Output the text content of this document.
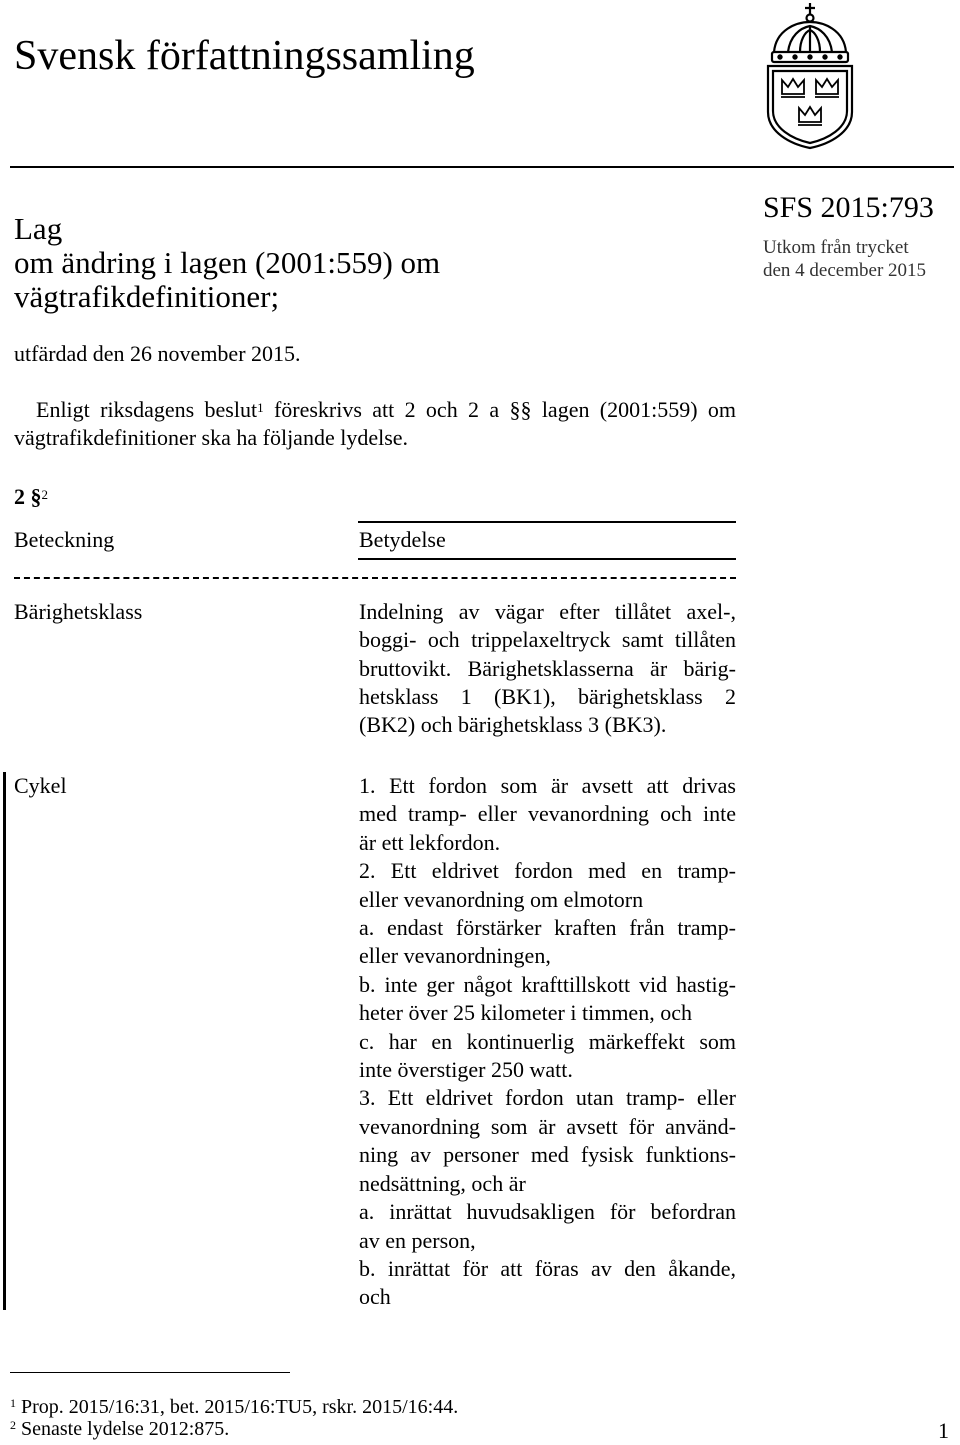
Svensk författningssamling
Lag
om ändring i lagen (2001:559) om
vägtrafikdefinitioner;
SFS 2015:793
Utkom från trycket
den 4 december 2015
utfärdad den 26 november 2015.

Enligt riksdagens beslut$^1$ föreskrivs att 2 och 2 a §§ lagen (2001:559) om vägtrafikdefinitioner ska ha följande lydelse.

2 §$^2$
Beteckning	Betydelse
Bärighetsklass	Indelning av vägar efter tillåtet axel-,
boggi- och trippelaxeltryck samt tillåten
bruttovikt. Bärighetsklasserna är bärig-
hetsklass 1 (BK1), bärighetsklass 2
(BK2) och bärighetsklass 3 (BK3).
Cykel	1. Ett fordon som är avsett att drivas
med tramp- eller vevanordning och inte
är ett lekfordon.
2. Ett eldrivet fordon med en tramp-
eller vevanordning om elmotorn
a. endast förstärker kraften från tramp-
eller vevanordningen,
b. inte ger något krafttillskott vid hastig-
heter över 25 kilometer i timmen, och
c. har en kontinuerlig märkeffekt som
inte överstiger 250 watt.
3. Ett eldrivet fordon utan tramp- eller
vevanordning som är avsett för använd-
ning av personer med fysisk funktions-
nedsättning, och är
a. inrättat huvudsakligen för befordran
av en person,
b. inrättat för att föras av den åkande,
och
$^1$ Prop. 2015/16:31, bet. 2015/16:TU5, rskr. 2015/16:44.
$^2$ Senaste lydelse 2012:875.	1
